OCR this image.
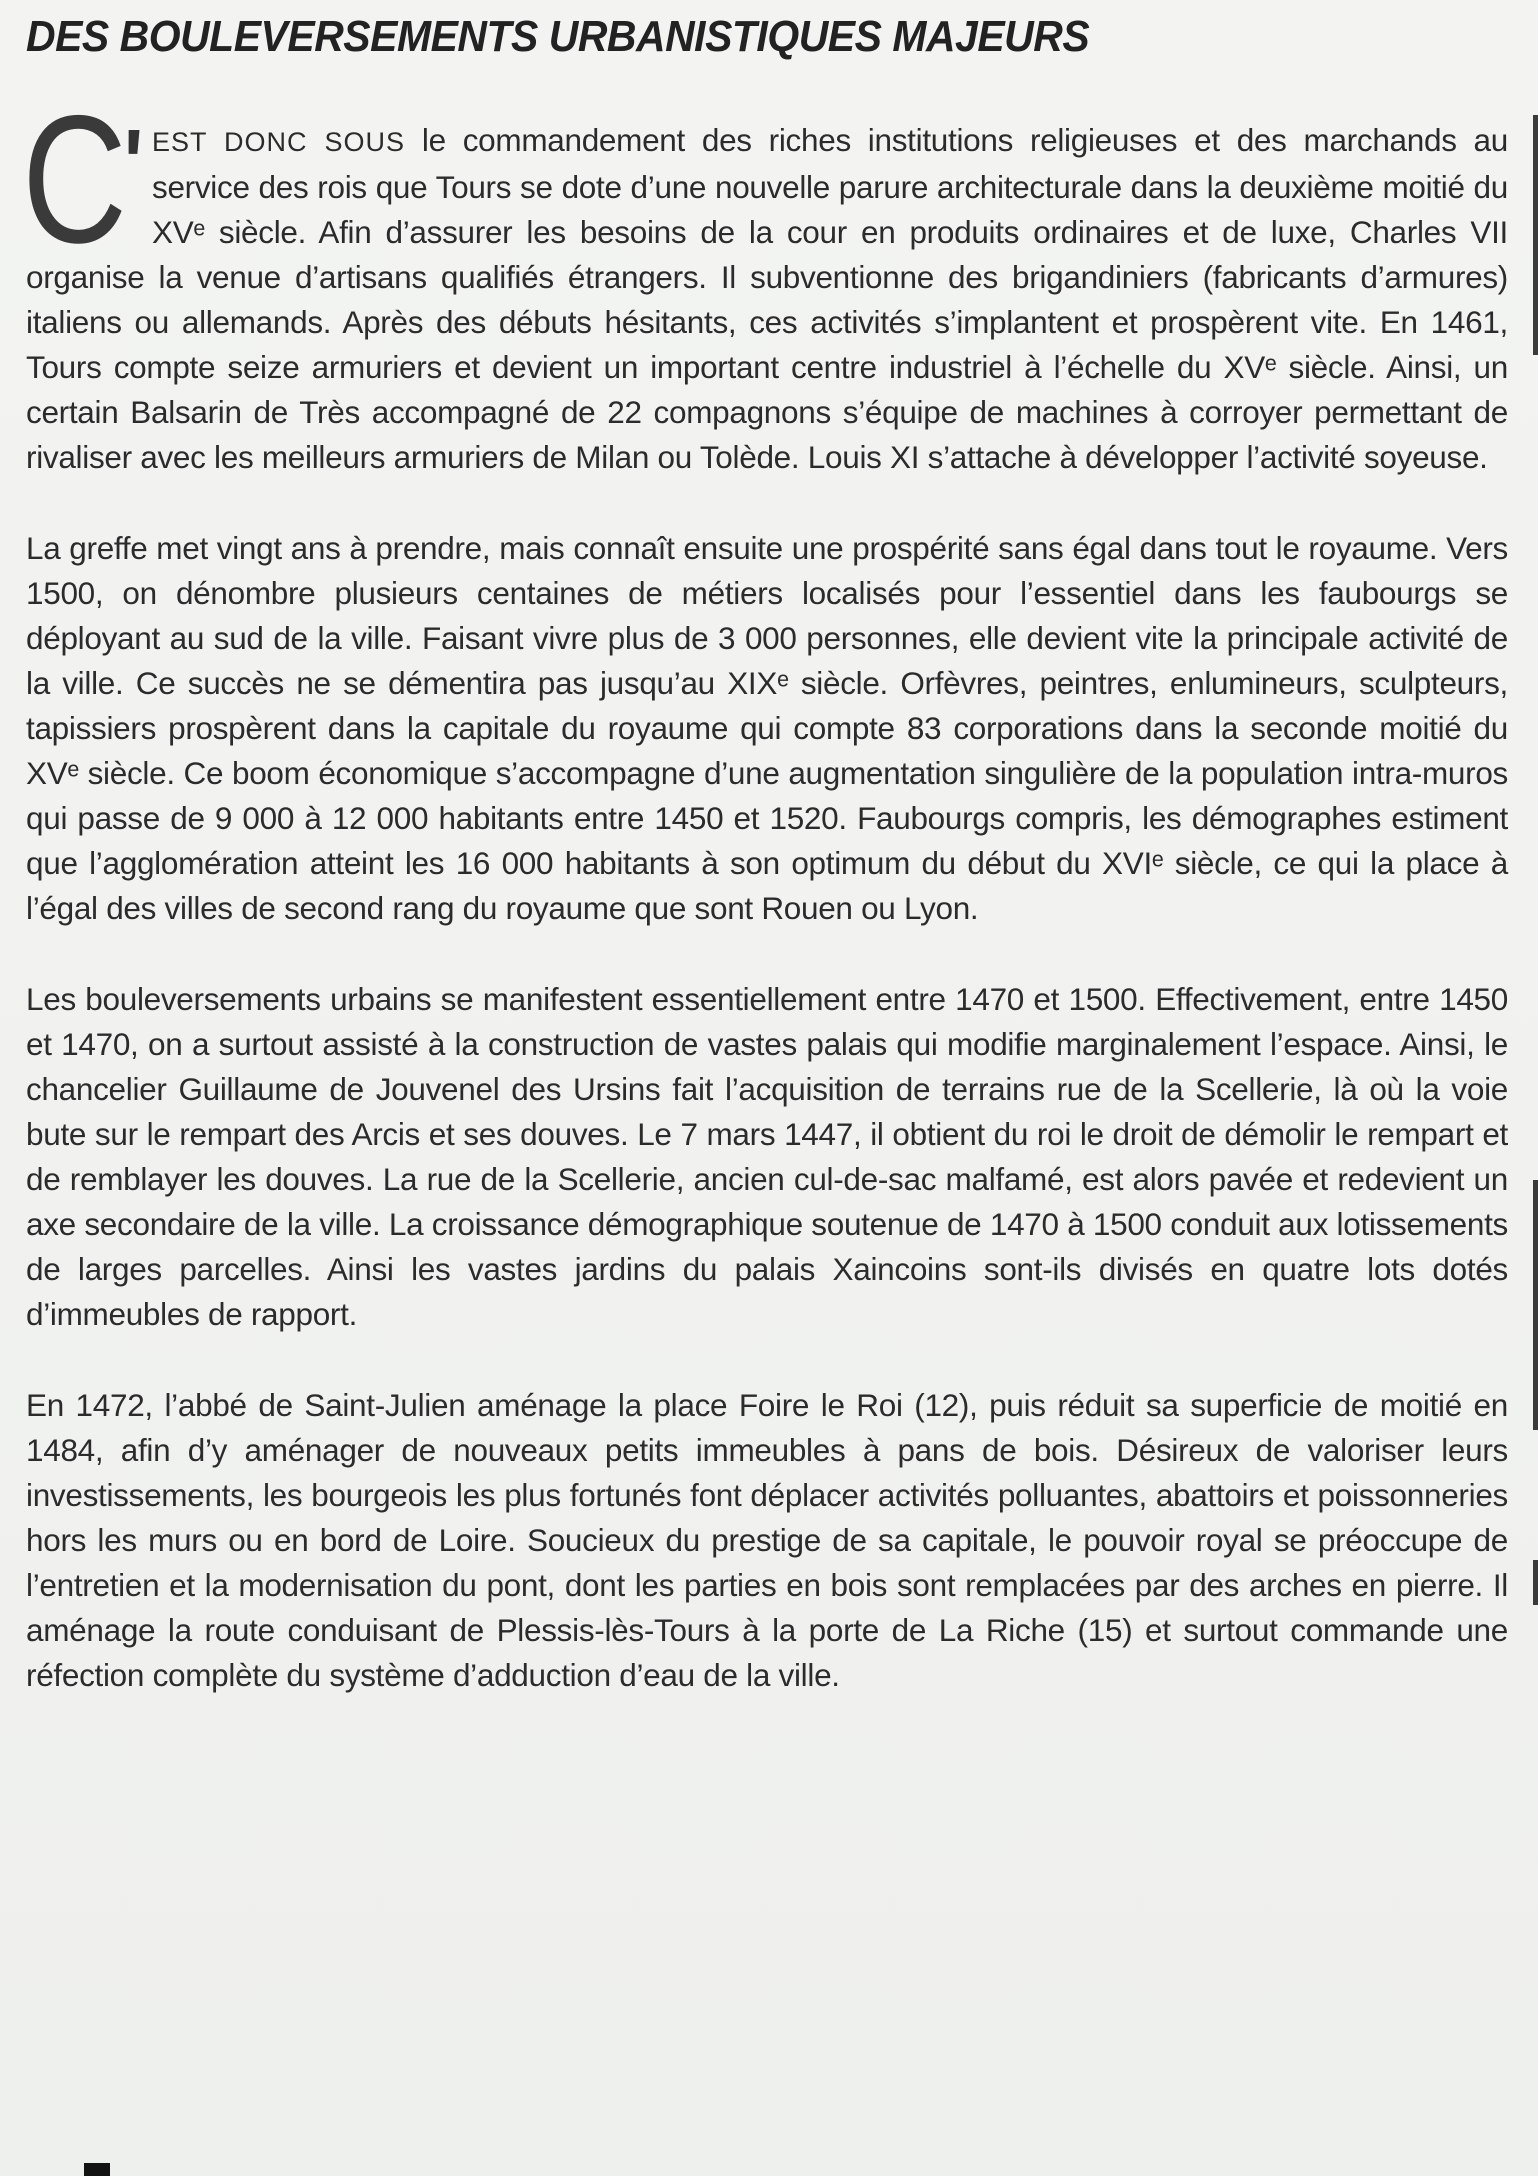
DES BOULEVERSEMENTS URBANISTIQUES MAJEURS

C
' EST DONC SOUS le commandement des riches institutions religieuses et des marchands au service des rois que Tours se dote d’une nouvelle parure architecturale dans la deuxième moitié du XVᵉ siècle. Afin d’assurer les besoins de la cour en produits ordinaires et de luxe, Charles VII organise la venue d’artisans qualifiés étrangers. Il subventionne des brigandiniers (fabricants d’armures) italiens ou allemands. Après des débuts hésitants, ces activités s’implantent et prospèrent vite. En 1461, Tours compte seize armuriers et devient un important centre industriel à l’échelle du XVᵉ siècle. Ainsi, un certain Balsarin de Très accompagné de 22 compagnons s’équipe de machines à corroyer permettant de rivaliser avec les meilleurs armuriers de Milan ou Tolède. Louis XI s’attache à développer l’activité soyeuse.

La greffe met vingt ans à prendre, mais connaît ensuite une prospérité sans égal dans tout le royaume. Vers 1500, on dénombre plusieurs centaines de métiers localisés pour l’essentiel dans les faubourgs se déployant au sud de la ville. Faisant vivre plus de 3 000 personnes, elle devient vite la principale activité de la ville. Ce succès ne se démentira pas jusqu’au XIXᵉ siècle. Orfèvres, peintres, enlumineurs, sculpteurs, tapissiers prospèrent dans la capitale du royaume qui compte 83 corporations dans la seconde moitié du XVᵉ siècle. Ce boom économique s’accompagne d’une augmentation singulière de la population intra-muros qui passe de 9 000 à 12 000 habitants entre 1450 et 1520. Faubourgs compris, les démographes estiment que l’agglomération atteint les 16 000 habitants à son optimum du début du XVIᵉ siècle, ce qui la place à l’égal des villes de second rang du royaume que sont Rouen ou Lyon.

Les bouleversements urbains se manifestent essentiellement entre 1470 et 1500. Effectivement, entre 1450 et 1470, on a surtout assisté à la construction de vastes palais qui modifie marginalement l’espace. Ainsi, le chancelier Guillaume de Jouvenel des Ursins fait l’acquisition de terrains rue de la Scellerie, là où la voie bute sur le rempart des Arcis et ses douves. Le 7 mars 1447, il obtient du roi le droit de démolir le rempart et de remblayer les douves. La rue de la Scellerie, ancien cul-de-sac malfamé, est alors pavée et redevient un axe secondaire de la ville. La croissance démographique soutenue de 1470 à 1500 conduit aux lotissements de larges parcelles. Ainsi les vastes jardins du palais Xaincoins sont-ils divisés en quatre lots dotés d’immeubles de rapport.

En 1472, l’abbé de Saint-Julien aménage la place Foire le Roi (12), puis réduit sa superficie de moitié en 1484, afin d’y aménager de nouveaux petits immeubles à pans de bois. Désireux de valoriser leurs investissements, les bourgeois les plus fortunés font déplacer activités polluantes, abattoirs et poissonneries hors les murs ou en bord de Loire. Soucieux du prestige de sa capitale, le pouvoir royal se préoccupe de l’entretien et la modernisation du pont, dont les parties en bois sont remplacées par des arches en pierre. Il aménage la route conduisant de Plessis-lès-Tours à la porte de La Riche (15) et surtout commande une réfection complète du système d’adduction d’eau de la ville.
